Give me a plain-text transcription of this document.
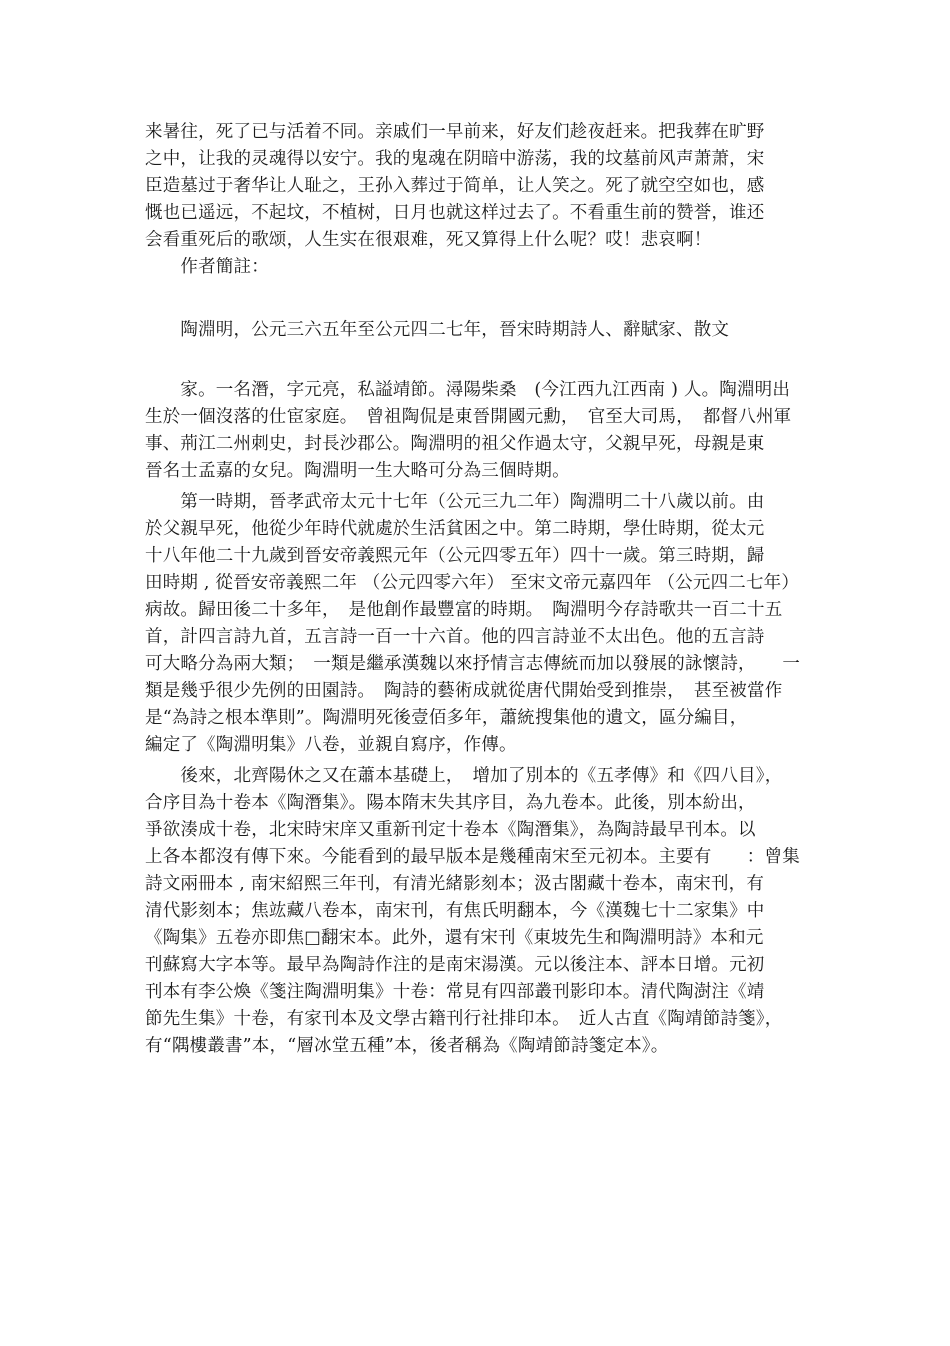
来暑往，死了已与活着不同。亲戚们一早前来，好友们趁夜赶来。把我葬在旷野
之中，让我的灵魂得以安宁。我的鬼魂在阴暗中游荡，我的坟墓前风声萧萧，宋
臣造墓过于奢华让人耻之，王孙入葬过于简单，让人笑之。死了就空空如也，感
慨也已遥远，不起坟，不植树，日月也就这样过去了。不看重生前的赞誉，谁还
会看重死后的歌颂，人生实在很艰难，死又算得上什么呢？哎！悲哀啊！
　　作者簡註：
　　陶淵明，公元三六五年至公元四二七年，晉宋時期詩人、辭賦家、散文
　　家。一名潛，字元亮，私謚靖節。潯陽柴桑　(今江西九江西南 ) 人。陶淵明出
生於一個沒落的仕宦家庭。　曾祖陶侃是東晉開國元勳，　官至大司馬，　都督八州軍
事、荊江二州刺史，封長沙郡公。陶淵明的祖父作過太守，父親早死，母親是東
晉名士孟嘉的女兒。陶淵明一生大略可分為三個時期。
　　第一時期，晉孝武帝太元十七年（公元三九二年）陶淵明二十八歲以前。由
於父親早死，他從少年時代就處於生活貧困之中。第二時期，學仕時期，從太元
十八年他二十九歲到晉安帝義熙元年（公元四零五年）四十一歲。第三時期，歸
田時期 , 從晉安帝義熙二年 （公元四零六年） 至宋文帝元嘉四年 （公元四二七年）
病故。歸田後二十多年，　是他創作最豐富的時期。　陶淵明今存詩歌共一百二十五
首，計四言詩九首，五言詩一百一十六首。他的四言詩並不太出色。他的五言詩
可大略分為兩大類；　一類是繼承漢魏以來抒情言志傳統而加以發展的詠懷詩，　　一
類是幾乎很少先例的田園詩。　陶詩的藝術成就從唐代開始受到推崇，　甚至被當作
是“為詩之根本準則”。陶淵明死後壹佰多年，蕭統搜集他的遺文，區分編目，
編定了《陶淵明集》八卷，並親自寫序，作傳。
　　後來，北齊陽休之又在蕭本基礎上，　增加了別本的《五孝傳》和《四八目》，
合序目為十卷本《陶潛集》。陽本隋末失其序目，為九卷本。此後，別本紛出，
爭欲湊成十卷，北宋時宋庠又重新刊定十卷本《陶潛集》，為陶詩最早刊本。以
上各本都沒有傳下來。今能看到的最早版本是幾種南宋至元初本。主要有　　：曾集
詩文兩冊本 , 南宋紹熙三年刊，有清光緒影刻本；汲古閣藏十卷本，南宋刊，有
清代影刻本；焦竑藏八卷本，南宋刊，有焦氏明翻本，今《漢魏七十二家集》中
《陶集》五卷亦即焦□翻宋本。此外，還有宋刊《東坡先生和陶淵明詩》本和元
刊蘇寫大字本等。最早為陶詩作注的是南宋湯漢。元以後注本、評本日增。元初
刊本有李公煥《箋注陶淵明集》十卷：常見有四部叢刊影印本。清代陶澍注《靖
節先生集》十卷，有家刊本及文學古籍刊行社排印本。　近人古直《陶靖節詩箋》，
有“隅樓叢書”本，“層冰堂五種”本，後者稱為《陶靖節詩箋定本》。
